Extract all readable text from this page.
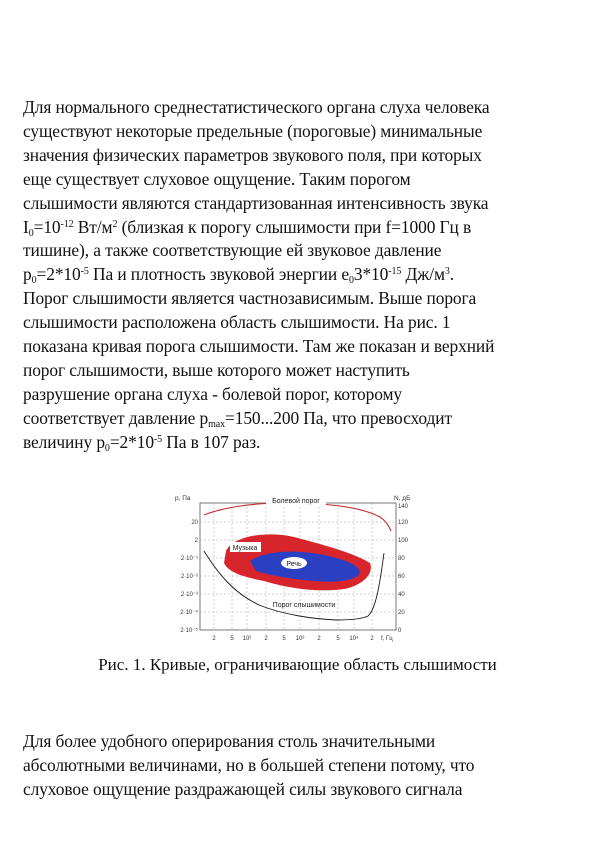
Для нормального среднестатистического органа слуха человека
существуют некоторые предельные (пороговые) минимальные
значения физических параметров звукового поля, при которых
еще существует слуховое ощущение. Таким порогом
слышимости являются стандартизованная интенсивность звука
$I_0=10^{-12}$ $Вт/м^2$ (близкая к порогу слышимости при f=1000 Гц в
тишине), а также соответствующие ей звуковое давление
$p_0=2*10^{-5}$ Па и плотность звуковой энергии $e_03*10^{-15}$ $Дж/м^3$.
Порог слышимости является частнозависимым. Выше порога
слышимости расположена область слышимости. На рис. 1
показана кривая порога слышимости. Там же показан и верхний
порог слышимости, выше которого может наступить
разрушение органа слуха - болевой порог, которому
соответствует давление $p_{max}=150...200$ Па, что превосходит
величину $p_0=2*10^{-5}$ Па в 107 раз.
р, Па	N, дБ
20
2
2·10⁻¹
2·10⁻²
2·10⁻³
2·10⁻⁴
2·10⁻⁵
140
120
100
80
60
40
20
0
2 5 10² 2 5 10³ 2	5 10⁴ 2 f, Гц
Болевой порог
Музыка
Речь
Порог слышимости
Рис. 1. Кривые, ограничивающие область слышимости
Для более удобного оперирования столь значительными
абсолютными величинами, но в большей степени потому, что
слуховое ощущение раздражающей силы звукового сигнала
